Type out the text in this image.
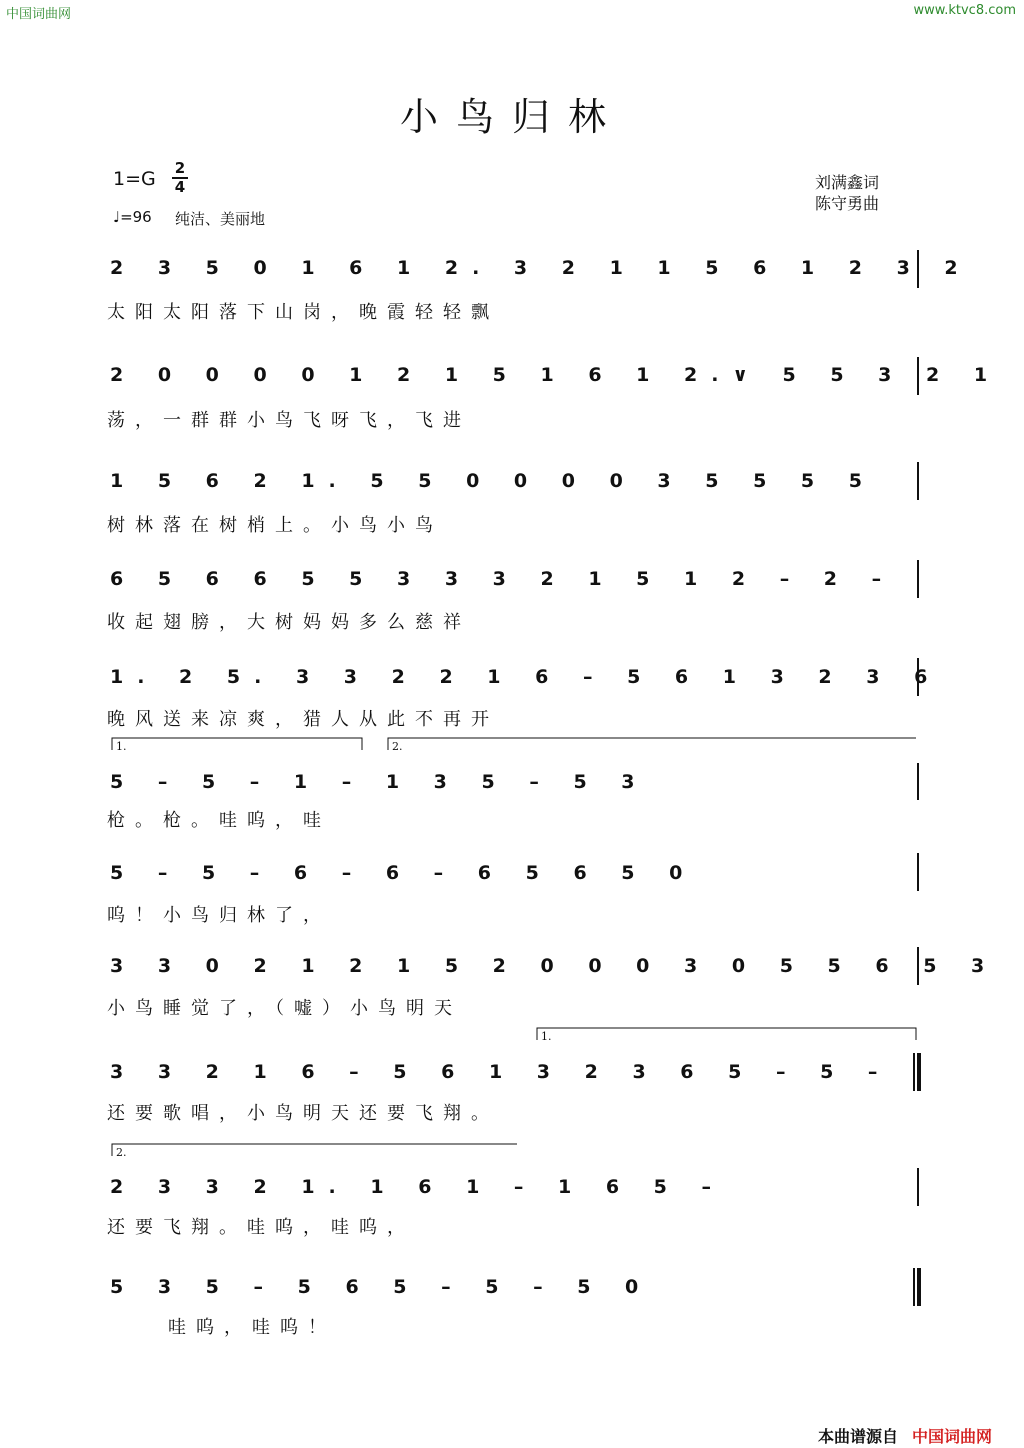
中国词曲网	www.ktvc8.com
小鸟归林
1=G 2
4
♩=96 纯洁、美丽地
刘满鑫词
陈守勇曲
2 3 5 0 1 6 1 2. 3 2 1 1 5 6 1 2 3 2
太阳太阳落下山岗，晚霞轻轻飘
2 0 0 0 0 1 2 1 5 1 6 1 2.∨ 5 5 3 2 1
荡，一群群小鸟飞呀飞，飞进
1 5 6 2 1. 5 5 0 0 0 0 3 5 5 5 5
树林落在树梢上。小鸟小鸟
6 5 6 6 5 5 3 3 3 2 1 5 1 2 – 2 –
收起翅膀，大树妈妈多么慈祥
1. 2 5. 3 3 2 2 1 6 – 5 6 1 3 2 3 6
晚风送来凉爽，猎人从此不再开
5 – 5 – 1 – 1 3 5 – 5 3
枪。枪。哇呜，哇
5 – 5 – 6 – 6 – 6 5 6 5 0
呜！小鸟归林了，
3 3 0 2 1 2 1 5 2 0 0 0 3 0 5 5 6 5 3
小鸟睡觉了，（嘘）小鸟明天
3 3 2 1 6 – 5 6 1 3 2 3 6 5 – 5 –
还要歌唱，小鸟明天还要飞翔。
2 3 3 2 1. 1 6 1 – 1 6 5 –
还要飞翔。哇呜，哇呜，
5 3 5 – 5 6 5 – 5 – 5 0
哇呜，哇呜！
1.	2.
1.
2.
本曲谱源自 中国词曲网
